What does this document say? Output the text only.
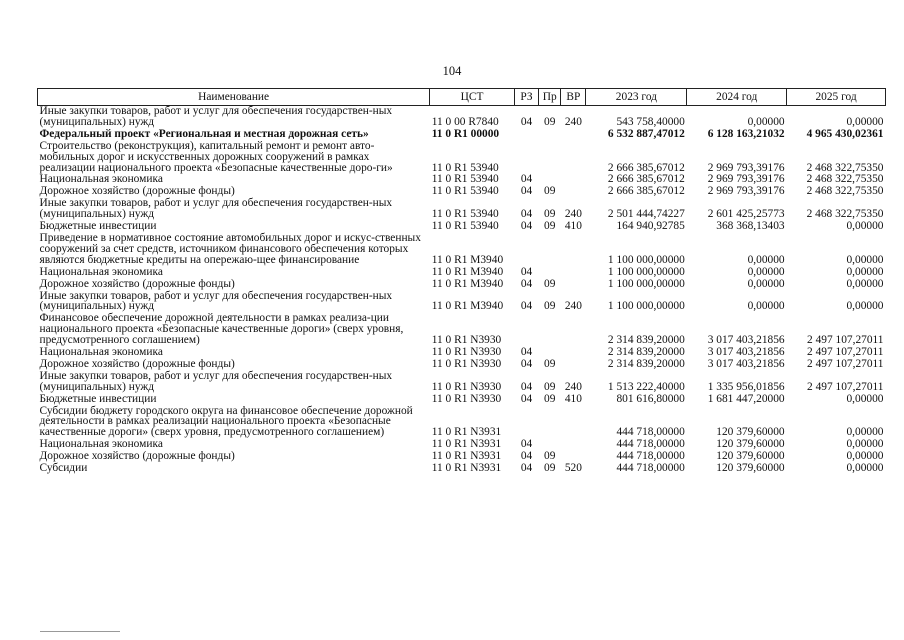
104
Наименование	ЦСТ	РЗ	Пр	ВР	2023 год	2024 год	2025 год
Иные закупки товаров, работ и услуг для обеспечения государствен-ных (муниципальных) нужд	11 0 00 R7840	04	09	240	543 758,40000	0,00000	0,00000
Федеральный проект «Региональная и местная дорожная сеть»	11 0 R1 00000				6 532 887,47012	6 128 163,21032	4 965 430,02361
Строительство (реконструкция), капитальный ремонт и ремонт авто-мобильных дорог и искусственных дорожных сооружений в рамках реализации национального проекта «Безопасные качественные доро-ги»	11 0 R1 53940				2 666 385,67012	2 969 793,39176	2 468 322,75350
Национальная экономика	11 0 R1 53940	04			2 666 385,67012	2 969 793,39176	2 468 322,75350
Дорожное хозяйство (дорожные фонды)	11 0 R1 53940	04	09		2 666 385,67012	2 969 793,39176	2 468 322,75350
Иные закупки товаров, работ и услуг для обеспечения государствен-ных (муниципальных) нужд	11 0 R1 53940	04	09	240	2 501 444,74227	2 601 425,25773	2 468 322,75350
Бюджетные инвестиции	11 0 R1 53940	04	09	410	164 940,92785	368 368,13403	0,00000
Приведение в нормативное состояние автомобильных дорог и искус-ственных сооружений за счет средств, источником финансового обеспечения которых являются бюджетные кредиты на опережаю-щее финансирование	11 0 R1 M3940				1 100 000,00000	0,00000	0,00000
Национальная экономика	11 0 R1 M3940	04			1 100 000,00000	0,00000	0,00000
Дорожное хозяйство (дорожные фонды)	11 0 R1 M3940	04	09		1 100 000,00000	0,00000	0,00000
Иные закупки товаров, работ и услуг для обеспечения государствен-ных (муниципальных) нужд	11 0 R1 M3940	04	09	240	1 100 000,00000	0,00000	0,00000
Финансовое обеспечение дорожной деятельности в рамках реализа-ции национального проекта «Безопасные качественные дороги» (сверх уровня, предусмотренного соглашением)	11 0 R1 N3930				2 314 839,20000	3 017 403,21856	2 497 107,27011
Национальная экономика	11 0 R1 N3930	04			2 314 839,20000	3 017 403,21856	2 497 107,27011
Дорожное хозяйство (дорожные фонды)	11 0 R1 N3930	04	09		2 314 839,20000	3 017 403,21856	2 497 107,27011
Иные закупки товаров, работ и услуг для обеспечения государствен-ных (муниципальных) нужд	11 0 R1 N3930	04	09	240	1 513 222,40000	1 335 956,01856	2 497 107,27011
Бюджетные инвестиции	11 0 R1 N3930	04	09	410	801 616,80000	1 681 447,20000	0,00000
Субсидии бюджету городского округа на финансовое обеспечение дорожной деятельности в рамках реализации национального проекта «Безопасные качественные дороги» (сверх уровня, предусмотренного соглашением)	11 0 R1 N3931				444 718,00000	120 379,60000	0,00000
Национальная экономика	11 0 R1 N3931	04			444 718,00000	120 379,60000	0,00000
Дорожное хозяйство (дорожные фонды)	11 0 R1 N3931	04	09		444 718,00000	120 379,60000	0,00000
Субсидии	11 0 R1 N3931	04	09	520	444 718,00000	120 379,60000	0,00000
